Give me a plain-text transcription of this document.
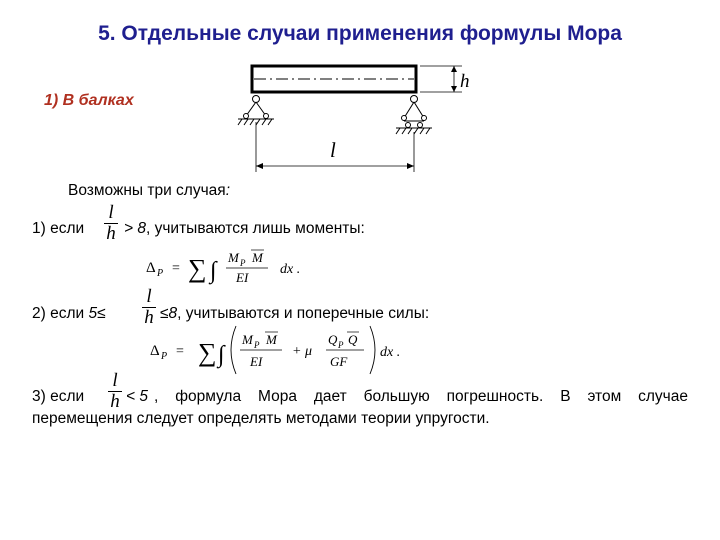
5. Отдельные случаи применения формулы Мора
1) В балках
h
l
Возможны три случая:
1) если
l
h > 8, учитываются лишь моменты:
Δ P = ∑ ∫
M P M
EI
dx .
2) если 5≤
l
h ≤8, учитываются и поперечные силы:
Δ P = ∑ ∫
M P M
EI
+ μ
Q P Q
GF
dx .
l
h
3) если	< 5 , формула Мора дает большую погрешность. В этом случае перемещения следует определять методами теории упругости.
